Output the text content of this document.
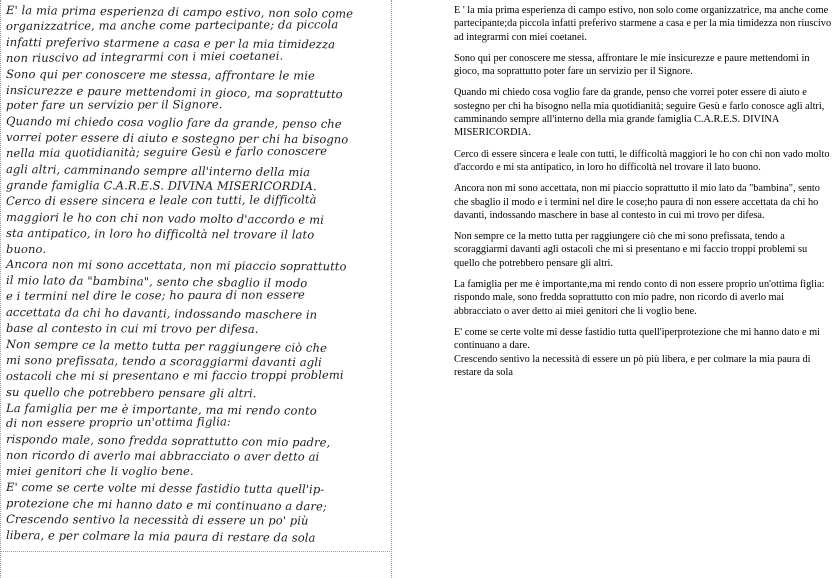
E' la mia prima esperienza di campo estivo, non solo come
organizzatrice, ma anche come partecipante; da piccola
infatti preferivo starmene a casa e per la mia timidezza
non riuscivo ad integrarmi con i miei coetanei.
Sono qui per conoscere me stessa, affrontare le mie
insicurezze e paure mettendomi in gioco, ma soprattutto
poter fare un servizio per il Signore.
Quando mi chiedo cosa voglio fare da grande, penso che
vorrei poter essere di aiuto e sostegno per chi ha bisogno
nella mia quotidianità; seguire Gesù e farlo conoscere
agli altri, camminando sempre all'interno della mia
grande famiglia C.A.R.E.S. DIVINA MISERICORDIA.
Cerco di essere sincera e leale con tutti, le difficoltà
maggiori le ho con chi non vado molto d'accordo e mi
sta antipatico, in loro ho difficoltà nel trovare il lato
buono.
Ancora non mi sono accettata, non mi piaccio soprattutto
il mio lato da "bambina", sento che sbaglio il modo
e i termini nel dire le cose; ho paura di non essere
accettata da chi ho davanti, indossando maschere in
base al contesto in cui mi trovo per difesa.
Non sempre ce la metto tutta per raggiungere ciò che
mi sono prefissata, tendo a scoraggiarmi davanti agli
ostacoli che mi si presentano e mi faccio troppi problemi
su quello che potrebbero pensare gli altri.
La famiglia per me è importante, ma mi rendo conto
di non essere proprio un'ottima figlia:
rispondo male, sono fredda soprattutto con mio padre,
non ricordo di averlo mai abbracciato o aver detto ai
miei genitori che li voglio bene.
E' come se certe volte mi desse fastidio tutta quell'ip-
protezione che mi hanno dato e mi continuano a dare;
Crescendo sentivo la necessità di essere un po' più
libera, e per colmare la mia paura di restare da sola

E ' la mia prima esperienza di campo estivo, non solo come organizzatrice, ma anche come partecipante;da piccola infatti preferivo starmene a casa e per la mia timidezza non riuscivo ad integrarmi con miei coetanei.

Sono qui per conoscere me stessa, affrontare le mie insicurezze e paure mettendomi in gioco, ma soprattutto poter fare un servizio per il Signore.

Quando mi chiedo cosa voglio fare da grande, penso che vorrei poter essere di aiuto e sostegno per chi ha bisogno nella mia quotidianità; seguire Gesù e farlo conosce agli altri, camminando sempre all'interno della mia grande famiglia C.A.R.E.S. DIVINA MISERICORDIA.

Cerco di essere sincera e leale con tutti, le difficoltà maggiori le ho con chi non vado molto d'accordo e mi sta antipatico, in loro ho difficoltà nel trovare il lato buono.

Ancora non mi sono accettata, non mi piaccio soprattutto il mio lato da "bambina", sento che sbaglio il modo e i termini nel dire le cose;ho paura di non essere accettata da chi ho davanti, indossando maschere in base al contesto in cui mi trovo per difesa.

Non sempre ce la metto tutta per raggiungere ciò che mi sono prefissata, tendo a scoraggiarmi davanti agli ostacoli che mi si presentano e mi faccio troppi problemi su quello che potrebbero pensare gli altri.

La famiglia per me è importante,ma mi rendo conto di non essere proprio un'ottima figlia: rispondo male, sono fredda soprattutto con mio padre, non ricordo di averlo mai abbracciato o aver detto ai miei genitori che li voglio bene.

E' come se certe volte mi desse fastidio tutta quell'iperprotezione che mi hanno dato e mi continuano a dare.

Crescendo sentivo la necessità di essere un pò più libera, e per colmare la mia paura di restare da sola
